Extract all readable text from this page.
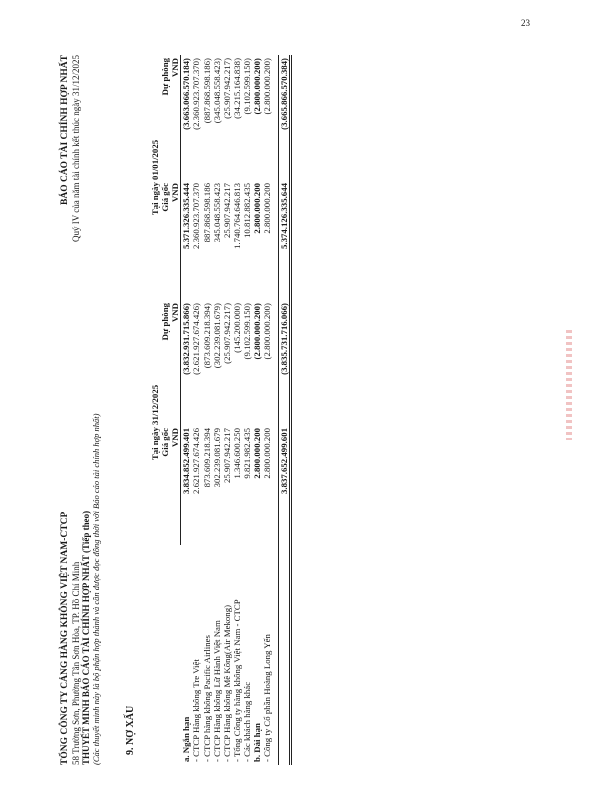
23
TỔNG CÔNG TY CẢNG HÀNG KHÔNG VIỆT NAM-CTCP 58 Trường Sơn, Phường Tân Sơn Hòa, TP. Hồ Chí Minh THUYẾT MINH BÁO CÁO TÀI CHÍNH HỢP NHẤT (Tiếp theo) (Các thuyết minh này là bộ phận hợp thành và cần được đọc đồng thời với Báo cáo tài chính hợp nhất)
BÁO CÁO TÀI CHÍNH HỢP NHẤT Quý IV của năm tài chính kết thúc ngày 31/12/2025
9. NỢ XẤU
	Tại ngày 31/12/2025		Tại ngày 01/01/2025	
	Giá gốc	Dự phòng	Giá gốc	Dự phòng
	VND	VND	VND	VND
a. Ngắn hạn	3.834.852.499.401	(3.832.931.715.866)	5.371.326.335.444	(3.663.066.570.184)
- CTCP Hàng không Tre Việt	2.621.927.674.426	(2.621.927.674.426)	2.360.923.707.370	(2.360.923.707.370)
- CTCP hàng không Pacific Airlines	873.609.218.394	(873.609.218.394)	887.868.598.186	(887.868.598.186)
- CTCP Hàng không Lữ Hành Việt Nam	302.239.081.679	(302.239.081.679)	345.048.558.423	(345.048.558.423)
- CTCP Hàng không Mê Kông(Air Mekong)	25.907.942.217	(25.907.942.217)	25.907.942.217	(25.907.942.217)
- Tổng Công ty hàng không Việt Nam - CTCP	1.346.600.250	(145.200.000)	1.740.764.646.813	(34.215.164.838)
- Các khách hàng khác	9.821.982.435	(9.102.599.150)	10.812.882.435	(9.102.599.150)
b. Dài hạn	2.800.000.200	(2.800.000.200)	2.800.000.200	(2.800.000.200)
- Công ty Cổ phần Hoàng Long Yến	2.800.000.200	(2.800.000.200)	2.800.000.200	(2.800.000.200)

	3.837.652.499.601	(3.835.731.716.066)	5.374.126.335.644	(3.665.866.570.384)
